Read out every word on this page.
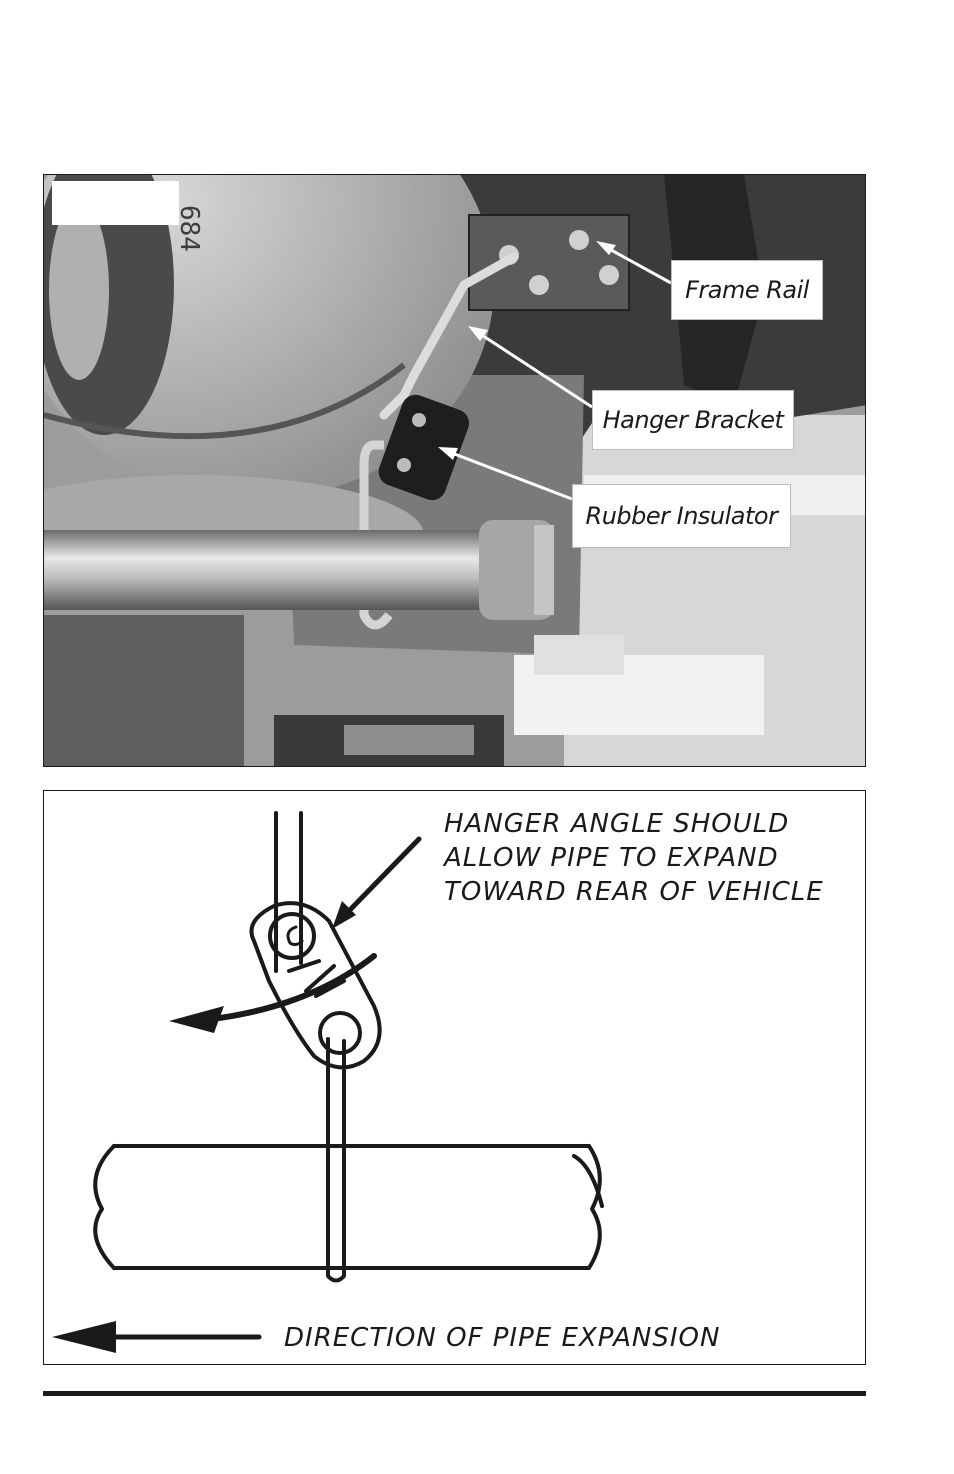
684
Frame Rail
Hanger Bracket
Rubber Insulator
HANGER ANGLE SHOULD
ALLOW PIPE TO EXPAND
TOWARD REAR OF VEHICLE
DIRECTION OF PIPE EXPANSION
